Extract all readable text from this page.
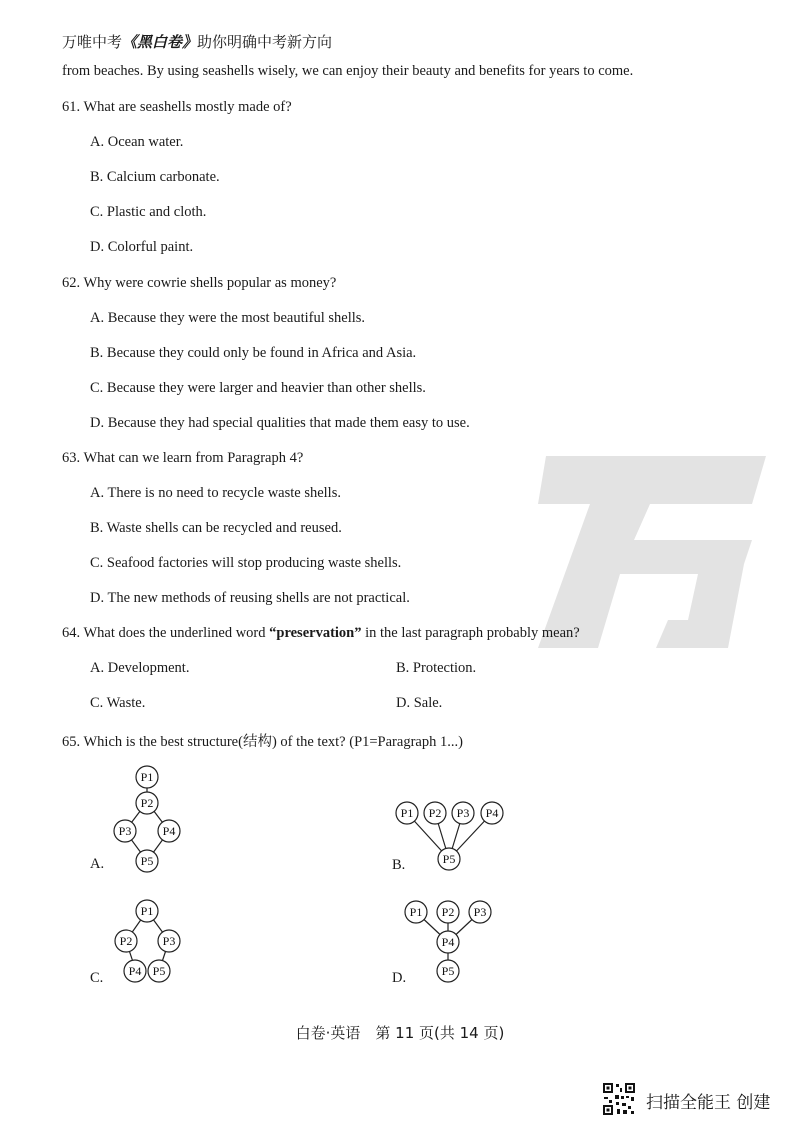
万唯中考《黑白卷》助你明确中考新方向
from beaches. By using seashells wisely, we can enjoy their beauty and benefits for years to come.
61. What are seashells mostly made of?
A. Ocean water.
B. Calcium carbonate.
C. Plastic and cloth.
D. Colorful paint.
62. Why were cowrie shells popular as money?
A. Because they were the most beautiful shells.
B. Because they could only be found in Africa and Asia.
C. Because they were larger and heavier than other shells.
D. Because they had special qualities that made them easy to use.
63. What can we learn from Paragraph 4?
A. There is no need to recycle waste shells.
B. Waste shells can be recycled and reused.
C. Seafood factories will stop producing waste shells.
D. The new methods of reusing shells are not practical.
64. What does the underlined word “preservation” in the last paragraph probably mean?
A. Development.	B. Protection.
C. Waste.	D. Sale.
65. Which is the best structure(结构) of the text? (P1=Paragraph 1...)
P1
P2
P3	P4
P5
A.
P1 P2 P3 P4
P5
B.
P1
P2	P3
P4 P5
C.
P1 P2 P3
P4
P5
D.
白卷·英语　第 11 页(共 14 页)
扫描全能王 创建
